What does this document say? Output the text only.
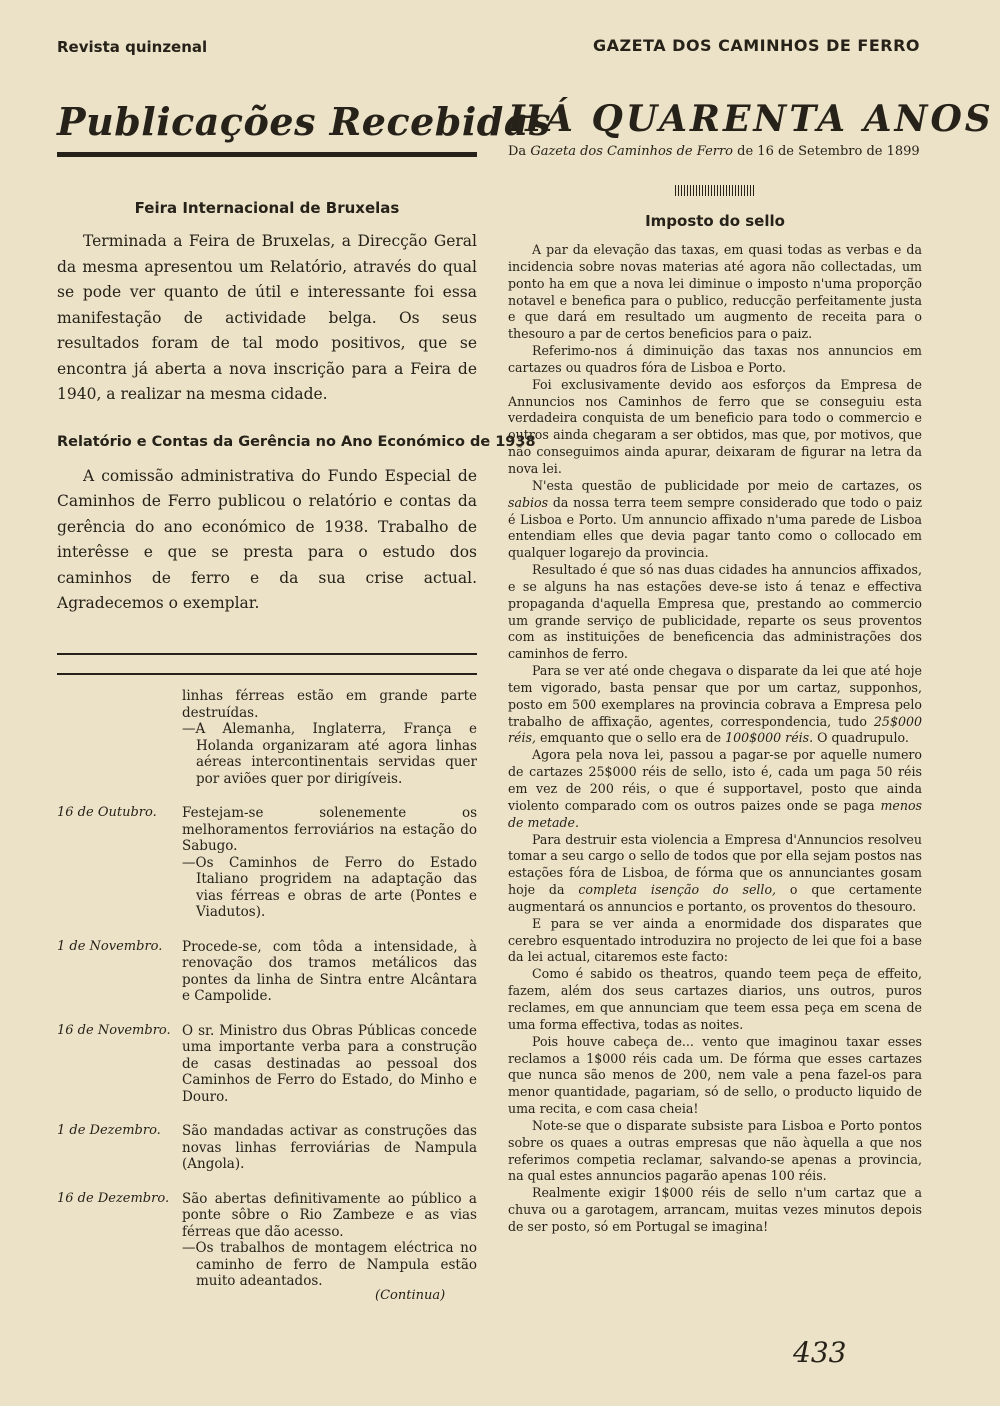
Revista quinzenal	GAZETA DOS CAMINHOS DE FERRO
Publicações Recebidas
Feira Internacional de Bruxelas

Terminada a Feira de Bruxelas, a Direcção Geral da mesma apresentou um Relatório, através do qual se pode ver quanto de útil e interessante foi essa manifestação de actividade belga. Os seus resultados foram de tal modo positivos, que se encontra já aberta a nova inscrição para a Feira de 1940, a realizar na mesma cidade.

Relatório e Contas da Gerência no Ano Económico de 1938

A comissão administrativa do Fundo Especial de Caminhos de Ferro publicou o relatório e contas da gerência do ano económico de 1938. Trabalho de interêsse e que se presta para o estudo dos caminhos de ferro e da sua crise actual. Agradecemos o exemplar.

linhas férreas estão em grande parte destruídas.

—A Alemanha, Inglaterra, França e Holanda organizaram até agora linhas aéreas intercontinentais servidas quer por aviões quer por dirigíveis.

16 de Outubro.	Festejam-se solenemente os melhoramentos ferroviários na estação do Sabugo.

—Os Caminhos de Ferro do Estado Italiano progridem na adaptação das vias férreas e obras de arte (Pontes e Viadutos).

1 de Novembro.	Procede-se, com tôda a intensidade, à renovação dos tramos metálicos das pontes da linha de Sintra entre Alcântara e Campolide.

16 de Novembro. O sr. Ministro dus Obras Públicas concede uma importante verba para a construção de casas destinadas ao pessoal dos Caminhos de Ferro do Estado, do Minho e Douro.

1 de Dezembro.	São mandadas activar as construções das novas linhas ferroviárias de Nampula (Angola).

16 de Dezembro. São abertas definitivamente ao público a ponte sôbre o Rio Zambeze e as vias férreas que dão acesso.

—Os trabalhos de montagem eléctrica no caminho de ferro de Nampula estão muito adeantados.

(Continua)
HÁ QUARENTA ANOS
Da Gazeta dos Caminhos de Ferro de 16 de Setembro de 1899
Imposto do sello

A par da elevação das taxas, em quasi todas as verbas e da incidencia sobre novas materias até agora não collectadas, um ponto ha em que a nova lei diminue o imposto n'uma proporção notavel e benefica para o publico, reducção perfeitamente justa e que dará em resultado um augmento de receita para o thesouro a par de certos beneficios para o paiz.

Referimo-nos á diminuição das taxas nos annuncios em cartazes ou quadros fóra de Lisboa e Porto.

Foi exclusivamente devido aos esforços da Empresa de Annuncios nos Caminhos de ferro que se conseguiu esta verdadeira conquista de um beneficio para todo o commercio e outros ainda chegaram a ser obtidos, mas que, por motivos, que não conseguimos ainda apurar, deixaram de figurar na letra da nova lei.

N'esta questão de publicidade por meio de cartazes, os sabios da nossa terra teem sempre considerado que todo o paiz é Lisboa e Porto. Um annuncio affixado n'uma parede de Lisboa entendiam elles que devia pagar tanto como o collocado em qualquer logarejo da provincia.

Resultado é que só nas duas cidades ha annuncios affixados, e se alguns ha nas estações deve-se isto á tenaz e effectiva propaganda d'aquella Empresa que, prestando ao commercio um grande serviço de publicidade, reparte os seus proventos com as instituições de beneficencia das administrações dos caminhos de ferro.

Para se ver até onde chegava o disparate da lei que até hoje tem vigorado, basta pensar que por um cartaz, supponhos, posto em 500 exemplares na provincia cobrava a Empresa pelo trabalho de affixação, agentes, correspondencia, tudo 25$000 réis, emquanto que o sello era de 100$000 réis. O quadrupulo.

Agora pela nova lei, passou a pagar-se por aquelle numero de cartazes 25$000 réis de sello, isto é, cada um paga 50 réis em vez de 200 réis, o que é supportavel, posto que ainda violento comparado com os outros paizes onde se paga menos de metade.

Para destruir esta violencia a Empresa d'Annuncios resolveu tomar a seu cargo o sello de todos que por ella sejam postos nas estações fóra de Lisboa, de fórma que os annunciantes gosam hoje da completa isenção do sello, o que certamente augmentará os annuncios e portanto, os proventos do thesouro.

E para se ver ainda a enormidade dos disparates que cerebro esquentado introduzira no projecto de lei que foi a base da lei actual, citaremos este facto:

Como é sabido os theatros, quando teem peça de effeito, fazem, além dos seus cartazes diarios, uns outros, puros reclames, em que annunciam que teem essa peça em scena de uma forma effectiva, todas as noites.

Pois houve cabeça de... vento que imaginou taxar esses reclamos a 1$000 réis cada um. De fórma que esses cartazes que nunca são menos de 200, nem vale a pena fazel-os para menor quantidade, pagariam, só de sello, o producto liquido de uma recita, e com casa cheia!

Note-se que o disparate subsiste para Lisboa e Porto pontos sobre os quaes a outras empresas que não àquella a que nos referimos competia reclamar, salvando-se apenas a provincia, na qual estes annuncios pagarão apenas 100 réis.

Realmente exigir 1$000 réis de sello n'um cartaz que a chuva ou a garotagem, arrancam, muitas vezes minutos depois de ser posto, só em Portugal se imagina!

433
